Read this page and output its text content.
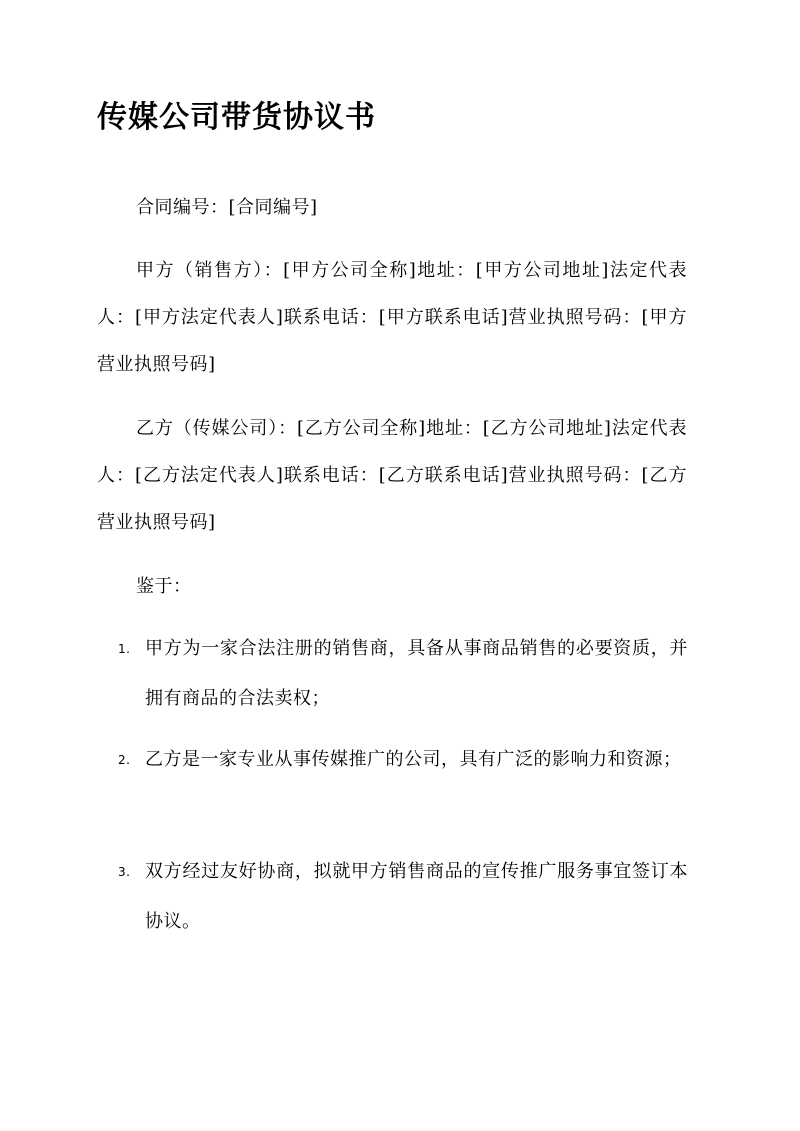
传媒公司带货协议书

合同编号：[合同编号]

甲方（销售方）：[甲方公司全称]地址：[甲方公司地址]法定代表人：[甲方法定代表人]联系电话：[甲方联系电话]营业执照号码：[甲方营业执照号码]

乙方（传媒公司）：[乙方公司全称]地址：[乙方公司地址]法定代表人：[乙方法定代表人]联系电话：[乙方联系电话]营业执照号码：[乙方营业执照号码]

鉴于：

1. 甲方为一家合法注册的销售商，具备从事商品销售的必要资质，并拥有商品的合法卖权；
2. 乙方是一家专业从事传媒推广的公司，具有广泛的影响力和资源；
3. 双方经过友好协商，拟就甲方销售商品的宣传推广服务事宜签订本协议。
